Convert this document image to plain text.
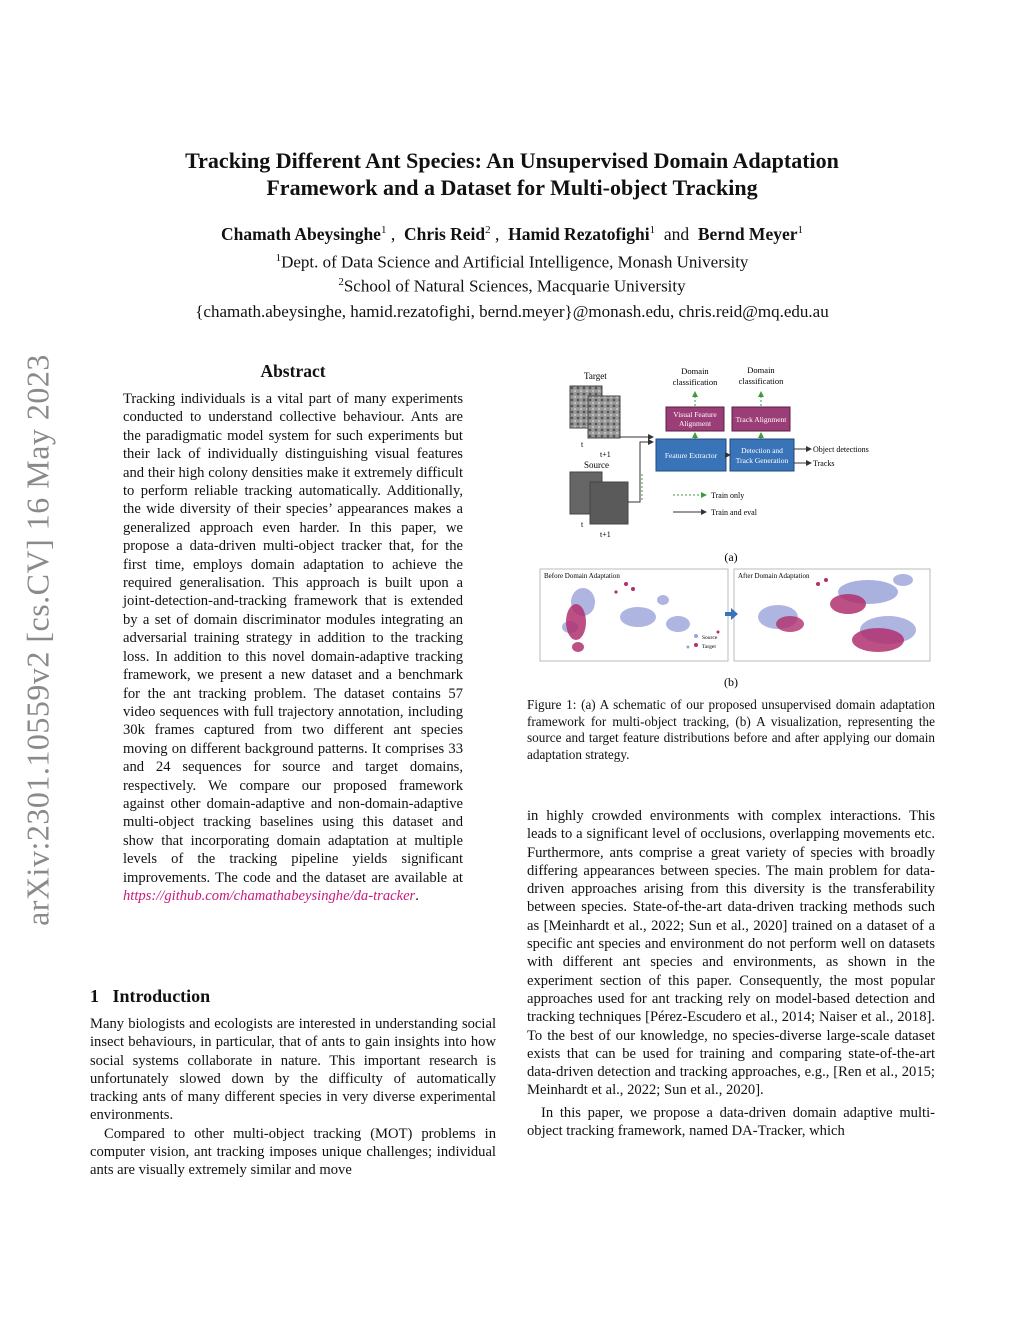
arXiv:2301.10559v2 [cs.CV] 16 May 2023
Tracking Different Ant Species: An Unsupervised Domain Adaptation
Framework and a Dataset for Multi-object Tracking
Chamath Abeysinghe$^1$ , Chris Reid$^2$ , Hamid Rezatofighi$^1$ and Bernd Meyer$^1$
$^1$Dept. of Data Science and Artificial Intelligence, Monash University
$^2$School of Natural Sciences, Macquarie University
{chamath.abeysinghe, hamid.rezatofighi, bernd.meyer}@monash.edu, chris.reid@mq.edu.au
Abstract
Tracking individuals is a vital part of many experiments conducted to understand collective behaviour. Ants are the paradigmatic model system for such experiments but their lack of individually distinguishing visual features and their high colony densities make it extremely difficult to perform reliable tracking automatically. Additionally, the wide diversity of their species’ appearances makes a generalized approach even harder. In this paper, we propose a data-driven multi-object tracker that, for the first time, employs domain adaptation to achieve the required generalisation. This approach is built upon a joint-detection-and-tracking framework that is extended by a set of domain discriminator modules integrating an adversarial training strategy in addition to the tracking loss. In addition to this novel domain-adaptive tracking framework, we present a new dataset and a benchmark for the ant tracking problem. The dataset contains 57 video sequences with full trajectory annotation, including 30k frames captured from two different ant species moving on different background patterns. It comprises 33 and 24 sequences for source and target domains, respectively. We compare our proposed framework against other domain-adaptive and non-domain-adaptive multi-object tracking baselines using this dataset and show that incorporating domain adaptation at multiple levels of the tracking pipeline yields significant improvements. The code and the dataset are available at https://github.com/chamathabeysinghe/da-tracker.
1 Introduction

Many biologists and ecologists are interested in understanding social insect behaviours, in particular, that of ants to gain insights into how social systems collaborate in nature. This important research is unfortunately slowed down by the difficulty of automatically tracking ants of many different species in very diverse experimental environments.

Compared to other multi-object tracking (MOT) problems in computer vision, ant tracking imposes unique challenges; individual ants are visually extremely similar and move

in highly crowded environments with complex interactions. This leads to a significant level of occlusions, overlapping movements etc. Furthermore, ants comprise a great variety of species with broadly differing appearances between species. The main problem for data-driven approaches arising from this diversity is the transferability between species. State-of-the-art data-driven tracking methods such as [Meinhardt et al., 2022; Sun et al., 2020] trained on a dataset of a specific ant species and environment do not perform well on datasets with different ant species and environments, as shown in the experiment section of this paper. Consequently, the most popular approaches used for ant tracking rely on model-based detection and tracking techniques [Pérez-Escudero et al., 2014; Naiser et al., 2018]. To the best of our knowledge, no species-diverse large-scale dataset exists that can be used for training and comparing state-of-the-art data-driven detection and tracking approaches, e.g., [Ren et al., 2015; Meinhardt et al., 2022; Sun et al., 2020].

In this paper, we propose a data-driven domain adaptive multi-object tracking framework, named DA-Tracker, which

Target
t
t+1
Source
t
t+1
Domain
classification
Domain
classification
Visual Feature
Alignment	Track Alignment
Feature Extractor
Detection and
Track Generation
Object detections
Tracks
Train only
Train and eval
(a)
Before Domain Adaptation	After Domain Adaptation
Source
Target
(b)
Figure 1: (a) A schematic of our proposed unsupervised domain adaptation framework for multi-object tracking, (b) A visualization, representing the source and target feature distributions before and after applying our domain adaptation strategy.
